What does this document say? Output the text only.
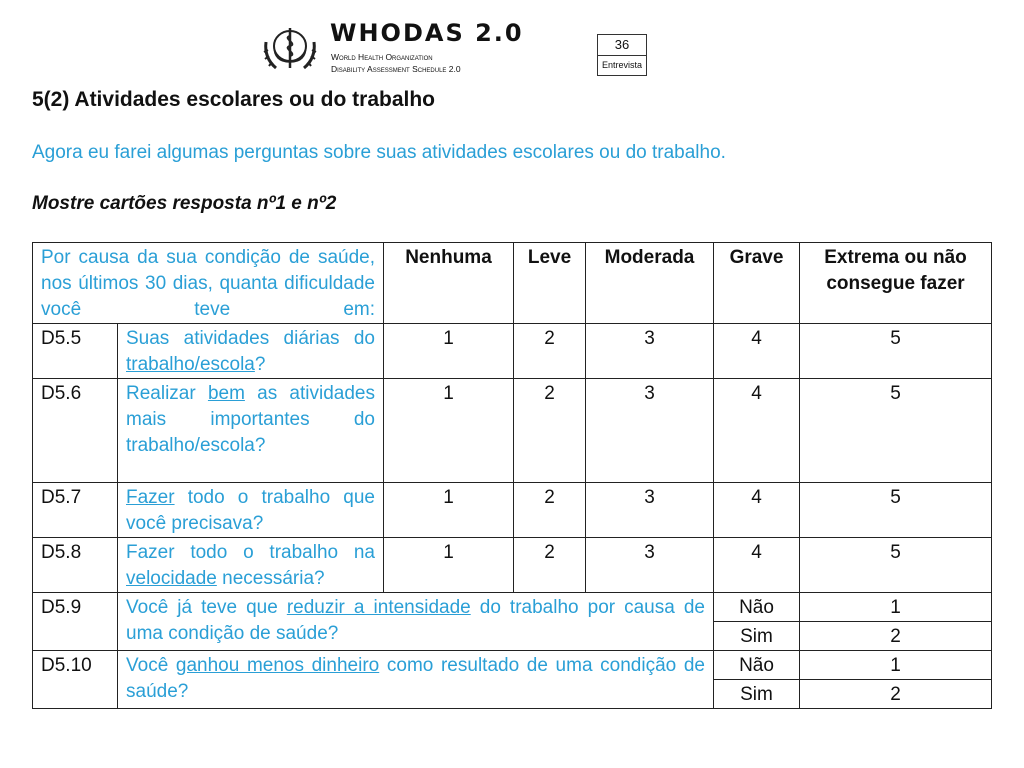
WHODAS 2.0
World Health Organization
Disability Assessment Schedule 2.0
36
Entrevista
5(2) Atividades escolares ou do trabalho
Agora eu farei algumas perguntas sobre suas atividades escolares ou do trabalho.
Mostre cartões resposta nº1 e nº2
Por causa da sua condição de saúde, nos últimos 30 dias, quanta dificuldade você teve em:		Nenhuma	Leve	Moderada	Grave	Extrema ou não consegue fazer
D5.5	Suas atividades diárias do trabalho/escola?	1	2	3	4	5
D5.6	Realizar bem as atividades mais importantes do trabalho/escola?	1	2	3	4	5
D5.7	Fazer todo o trabalho que você precisava?	1	2	3	4	5
D5.8	Fazer todo o trabalho na velocidade necessária?	1	2	3	4	5
D5.9	Você já teve que reduzir a intensidade do trabalho por causa de uma condição de saúde?				Não	1
					Sim	2
D5.10	Você ganhou menos dinheiro como resultado de uma condição de saúde?				Não	1
					Sim	2
